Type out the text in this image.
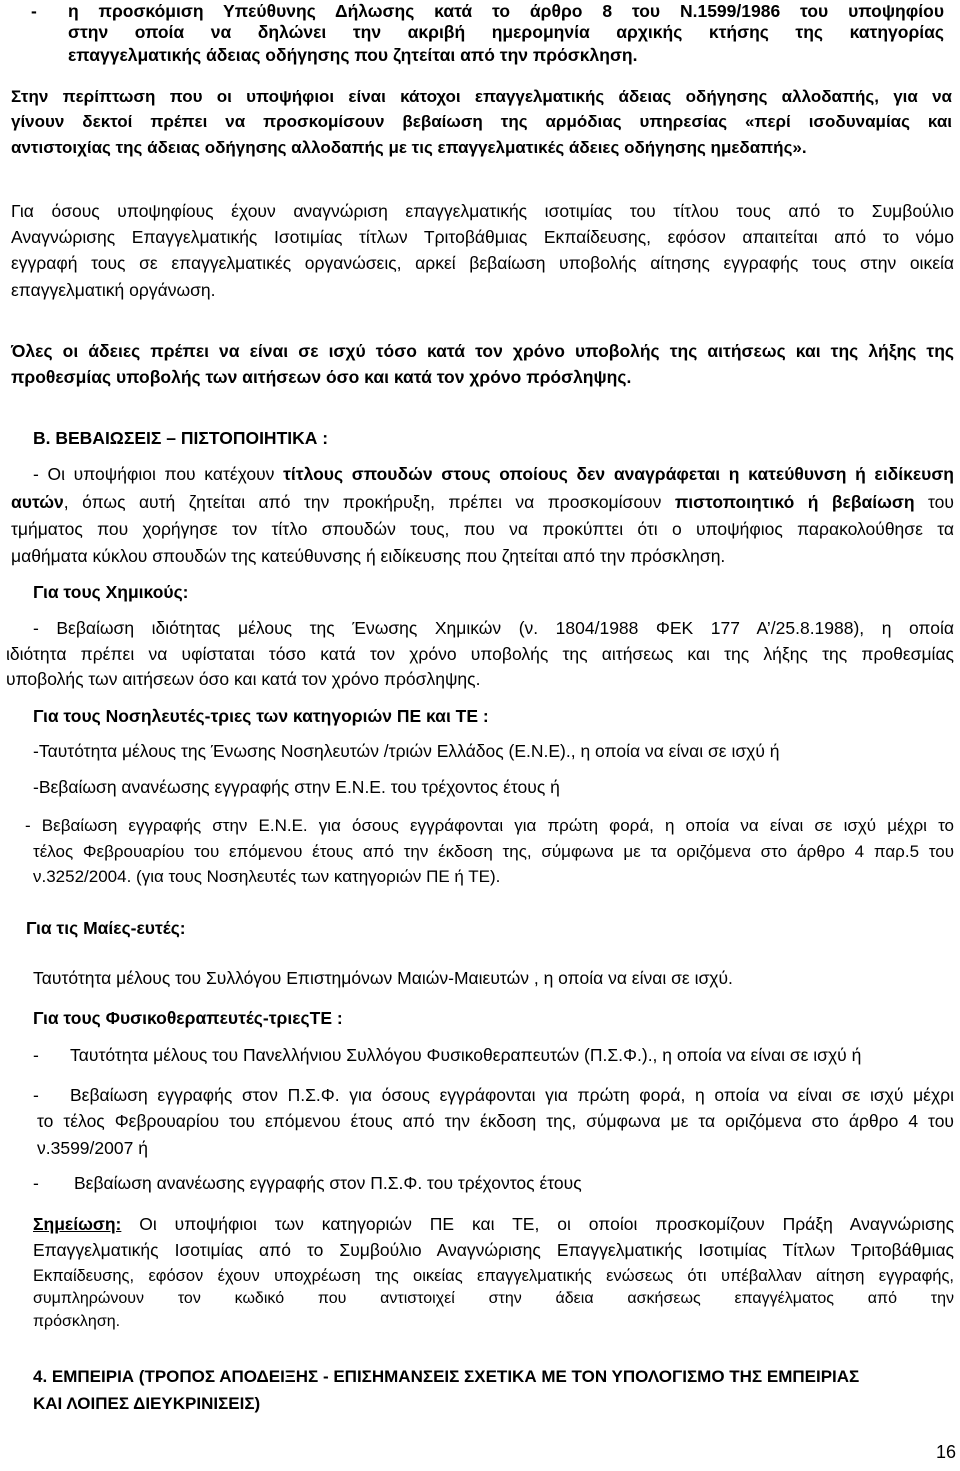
- η προσκόμιση Υπεύθυνης Δήλωσης κατά το άρθρο 8 του Ν.1599/1986 του υποψηφίου
στην οποία να δηλώνει την ακριβή ημερομηνία αρχικής κτήσης της κατηγορίας
επαγγελματικής άδειας οδήγησης που ζητείται από την πρόσκληση.
Στην περίπτωση που οι υποψήφιοι είναι κάτοχοι επαγγελματικής άδειας οδήγησης αλλοδαπής, για να
γίνουν δεκτοί πρέπει να προσκομίσουν βεβαίωση της αρμόδιας υπηρεσίας «περί ισοδυναμίας και
αντιστοιχίας της άδειας οδήγησης αλλοδαπής με τις επαγγελματικές άδειες οδήγησης ημεδαπής».
Για όσους υποψηφίους έχουν αναγνώριση επαγγελματικής ισοτιμίας του τίτλου τους από το Συμβούλιο
Αναγνώρισης Επαγγελματικής Ισοτιμίας τίτλων Τριτοβάθμιας Εκπαίδευσης, εφόσον απαιτείται από το νόμο
εγγραφή τους σε επαγγελματικές οργανώσεις, αρκεί βεβαίωση υποβολής αίτησης εγγραφής τους στην οικεία
επαγγελματική οργάνωση.
Όλες οι άδειες πρέπει να είναι σε ισχύ τόσο κατά τον χρόνο υποβολής της αιτήσεως και της λήξης της
προθεσμίας υποβολής των αιτήσεων όσο και κατά τον χρόνο πρόσληψης.
Β. ΒΕΒΑΙΩΣΕΙΣ – ΠΙΣΤΟΠΟΙΗΤΙΚΑ :
- Οι υποψήφιοι που κατέχουν τίτλους σπουδών στους οποίους δεν αναγράφεται η κατεύθυνση ή ειδίκευση
αυτών, όπως αυτή ζητείται από την προκήρυξη, πρέπει να προσκομίσουν πιστοποιητικό ή βεβαίωση του
τμήματος που χορήγησε τον τίτλο σπουδών τους, που να προκύπτει ότι ο υποψήφιος παρακολούθησε τα
μαθήματα κύκλου σπουδών της κατεύθυνσης ή ειδίκευσης που ζητείται από την πρόσκληση.
Για τους Χημικούς:
- Βεβαίωση ιδιότητας μέλους της Ένωσης Χημικών (ν. 1804/1988 ΦΕΚ 177 Α’/25.8.1988), η οποία
ιδιότητα πρέπει να υφίσταται τόσο κατά τον χρόνο υποβολής της αιτήσεως και της λήξης της προθεσμίας
υποβολής των αιτήσεων όσο και κατά τον χρόνο πρόσληψης.
Για τους Νοσηλευτές-τριες των κατηγοριών ΠΕ και ΤΕ :
-Ταυτότητα μέλους της Ένωσης Νοσηλευτών /τριών Ελλάδος (Ε.Ν.Ε)., η οποία να είναι σε ισχύ ή
-Βεβαίωση ανανέωσης εγγραφής στην Ε.Ν.Ε. του τρέχοντος έτους ή
- Βεβαίωση εγγραφής στην Ε.Ν.Ε. για όσους εγγράφονται για πρώτη φορά, η οποία να είναι σε ισχύ μέχρι το
τέλος Φεβρουαρίου του επόμενου έτους από την έκδοση της, σύμφωνα με τα οριζόμενα στο άρθρο 4 παρ.5 του
ν.3252/2004. (για τους Νοσηλευτές των κατηγοριών ΠΕ ή ΤΕ).
Για τις Μαίες-ευτές:
Ταυτότητα μέλους του Συλλόγου Επιστημόνων Μαιών-Μαιευτών , η οποία να είναι σε ισχύ.
Για τους Φυσικοθεραπευτές-τριεςΤΕ :
- Ταυτότητα μέλους του Πανελλήνιου Συλλόγου Φυσικοθεραπευτών (Π.Σ.Φ.)., η οποία να είναι σε ισχύ ή
- Βεβαίωση εγγραφής στον Π.Σ.Φ. για όσους εγγράφονται για πρώτη φορά, η οποία να είναι σε ισχύ μέχρι
το τέλος Φεβρουαρίου του επόμενου έτους από την έκδοση της, σύμφωνα με τα οριζόμενα στο άρθρο 4 του
ν.3599/2007 ή
- Βεβαίωση ανανέωσης εγγραφής στον Π.Σ.Φ. του τρέχοντος έτους
Σημείωση: Οι υποψήφιοι των κατηγοριών ΠΕ και ΤΕ, οι οποίοι προσκομίζουν Πράξη Αναγνώρισης
Επαγγελματικής Ισοτιμίας από το Συμβούλιο Αναγνώρισης Επαγγελματικής Ισοτιμίας Τίτλων Τριτοβάθμιας
Εκπαίδευσης, εφόσον έχουν υποχρέωση της οικείας επαγγελματικής ενώσεως ότι υπέβαλλαν αίτηση εγγραφής,
συμπληρώνουν τον κωδικό που αντιστοιχεί στην άδεια ασκήσεως επαγγέλματος από την
πρόσκληση.
4. ΕΜΠΕΙΡΙΑ (ΤΡΟΠΟΣ ΑΠΟΔΕΙΞΗΣ - ΕΠΙΣΗΜΑΝΣΕΙΣ ΣΧΕΤΙΚΑ ΜΕ ΤΟΝ ΥΠΟΛΟΓΙΣΜΟ ΤΗΣ ΕΜΠΕΙΡΙΑΣ
ΚΑΙ ΛΟΙΠΕΣ ΔΙΕΥΚΡΙΝΙΣΕΙΣ)
16
